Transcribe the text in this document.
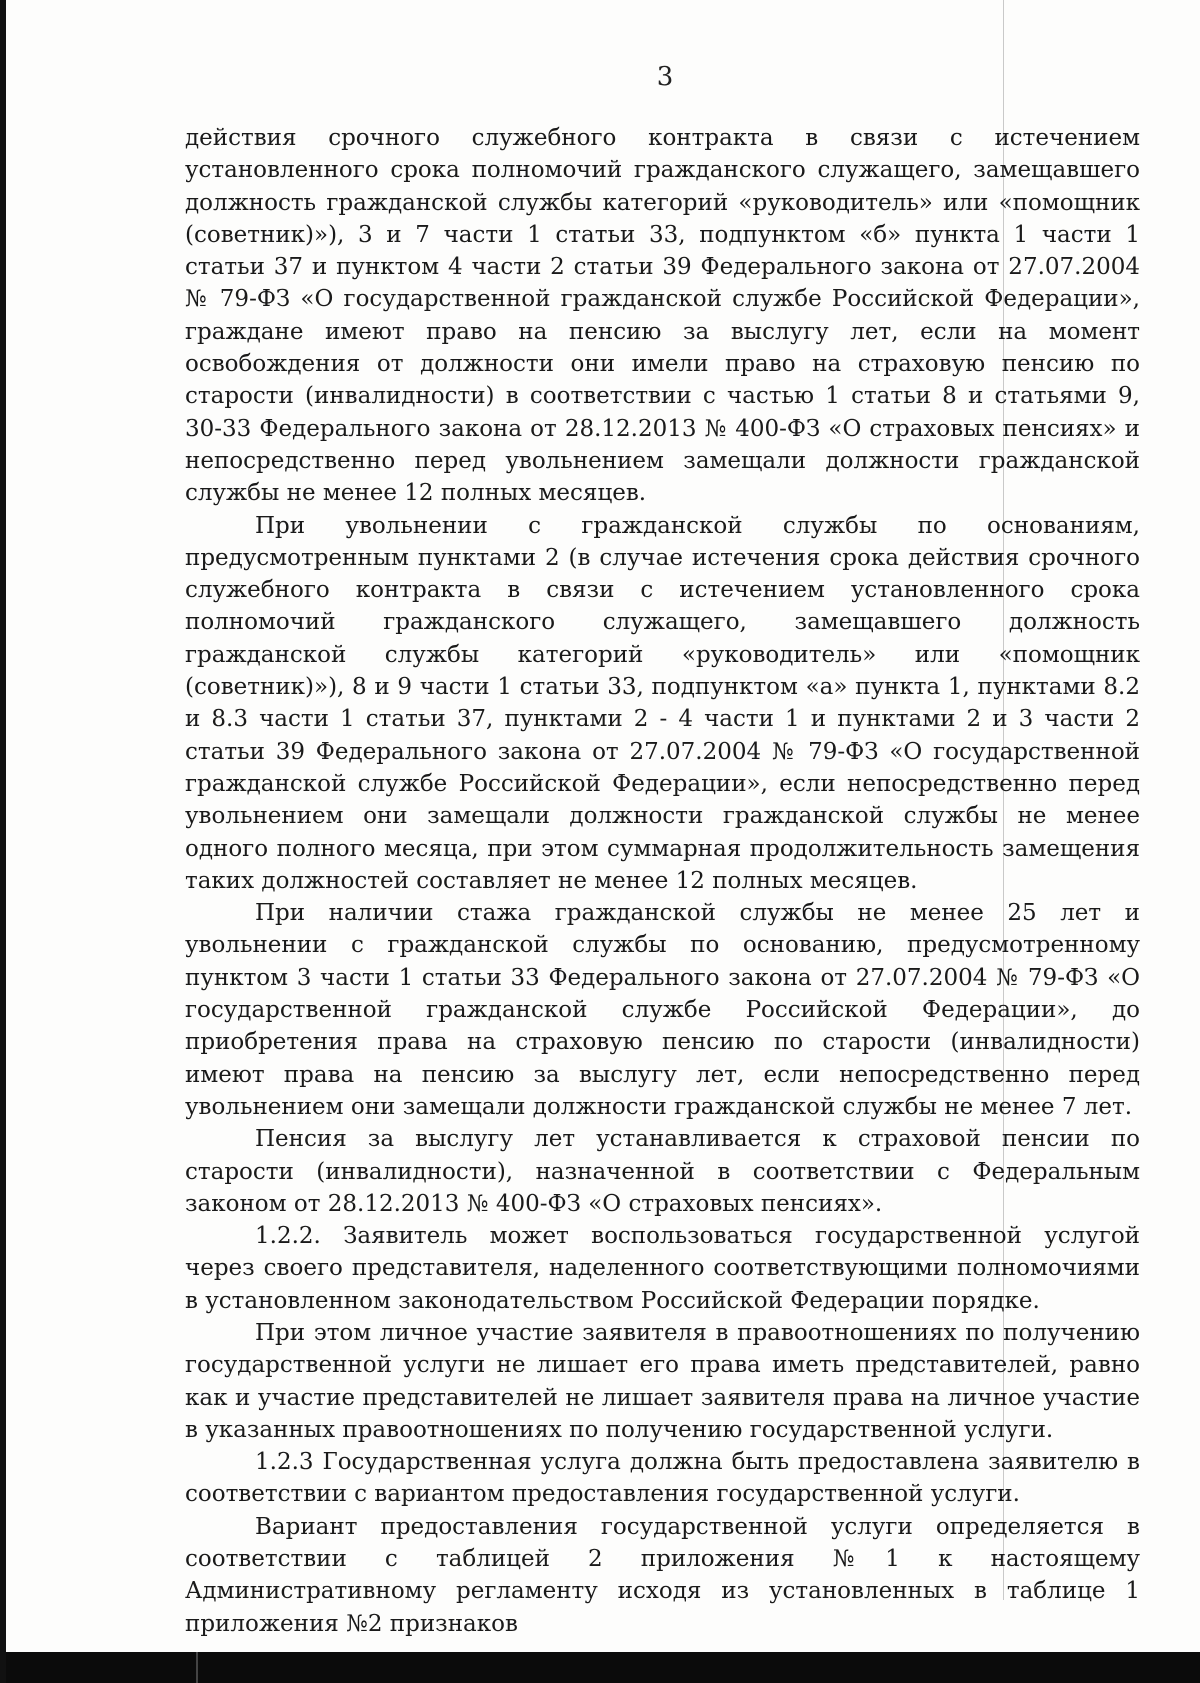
3

действия срочного служебного контракта в связи с истечением установленного срока полномочий гражданского служащего, замещавшего должность гражданской службы категорий «руководитель» или «помощник (советник)»), 3 и 7 части 1 статьи 33, подпунктом «б» пункта 1 части 1 статьи 37 и пунктом 4 части 2 статьи 39 Федерального закона от 27.07.2004 № 79-ФЗ «О государственной гражданской службе Российской Федерации», граждане имеют право на пенсию за выслугу лет, если на момент освобождения от должности они имели право на страховую пенсию по старости (инвалидности) в соответствии с частью 1 статьи 8 и статьями 9, 30-33 Федерального закона от 28.12.2013 № 400-ФЗ «О страховых пенсиях» и непосредственно перед увольнением замещали должности гражданской службы не менее 12 полных месяцев.

При увольнении с гражданской службы по основаниям, предусмотренным пунктами 2 (в случае истечения срока действия срочного служебного контракта в связи с истечением установленного срока полномочий гражданского служащего, замещавшего должность гражданской службы категорий «руководитель» или «помощник (советник)»), 8 и 9 части 1 статьи 33, подпунктом «а» пункта 1, пунктами 8.2 и 8.3 части 1 статьи 37, пунктами 2 - 4 части 1 и пунктами 2 и 3 части 2 статьи 39 Федерального закона от 27.07.2004 № 79-ФЗ «О государственной гражданской службе Российской Федерации», если непосредственно перед увольнением они замещали должности гражданской службы не менее одного полного месяца, при этом суммарная продолжительность замещения таких должностей составляет не менее 12 полных месяцев.

При наличии стажа гражданской службы не менее 25 лет и увольнении с гражданской службы по основанию, предусмотренному пунктом 3 части 1 статьи 33 Федерального закона от 27.07.2004 № 79-ФЗ «О государственной гражданской службе Российской Федерации», до приобретения права на страховую пенсию по старости (инвалидности) имеют права на пенсию за выслугу лет, если непосредственно перед увольнением они замещали должности гражданской службы не менее 7 лет.

Пенсия за выслугу лет устанавливается к страховой пенсии по старости (инвалидности), назначенной в соответствии с Федеральным законом от 28.12.2013 № 400-ФЗ «О страховых пенсиях».

1.2.2. Заявитель может воспользоваться государственной услугой через своего представителя, наделенного соответствующими полномочиями в установленном законодательством Российской Федерации порядке.

При этом личное участие заявителя в правоотношениях по получению государственной услуги не лишает его права иметь представителей, равно как и участие представителей не лишает заявителя права на личное участие в указанных правоотношениях по получению государственной услуги.

1.2.3 Государственная услуга должна быть предоставлена заявителю в соответствии с вариантом предоставления государственной услуги.

Вариант предоставления государственной услуги определяется в соответствии с таблицей 2 приложения №1 к настоящему Административному регламенту исходя из установленных в таблице 1 приложения №2 признаков
